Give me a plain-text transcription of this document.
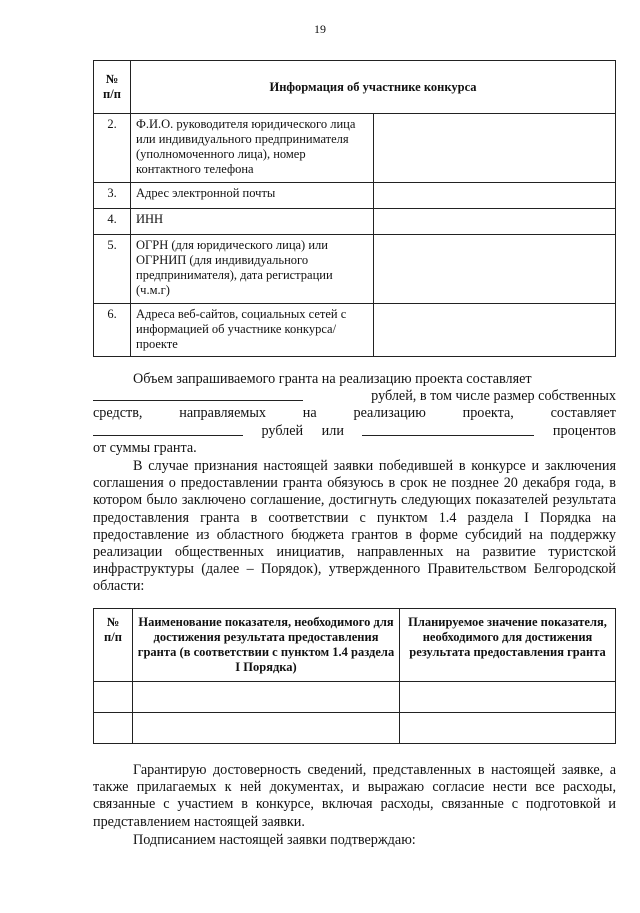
19
№
п/п	Информация об участнике конкурса	
2.	Ф.И.О. руководителя юридического лица или индивидуального предпринимателя (уполномоченного лица), номер контактного телефона	
3.	Адрес электронной почты	
4.	ИНН	
5.	ОГРН (для юридического лица) или ОГРНИП (для индивидуального предпринимателя), дата регистрации (ч.м.г)	
6.	Адреса веб-сайтов, социальных сетей с информацией об участнике конкурса/проекте	

Объем запрашиваемого гранта на реализацию проекта составляет

рублей, в том числе размер собственных

средств,	направляемых	на	реализацию	проекта,	составляет

рублей или	процентов

от суммы гранта.

В случае признания настоящей заявки победившей в конкурсе и заключения соглашения о предоставлении гранта обязуюсь в срок не позднее 20 декабря года, в котором было заключено соглашение, достигнуть следующих показателей результата предоставления гранта в соответствии с пунктом 1.4 раздела I Порядка на предоставление из областного бюджета грантов в форме субсидий на поддержку реализации общественных инициатив, направленных на развитие туристской инфраструктуры (далее – Порядок), утвержденного Правительством Белгородской области:

№
п/п	Наименование показателя, необходимого для достижения результата предоставления гранта (в соответствии с пунктом 1.4 раздела I Порядка)	Планируемое значение показателя, необходимого для достижения результата предоставления гранта

Гарантирую достоверность сведений, представленных в настоящей заявке, а также прилагаемых к ней документах, и выражаю согласие нести все расходы, связанные с участием в конкурсе, включая расходы, связанные с подготовкой и представлением настоящей заявки.

Подписанием настоящей заявки подтверждаю:
